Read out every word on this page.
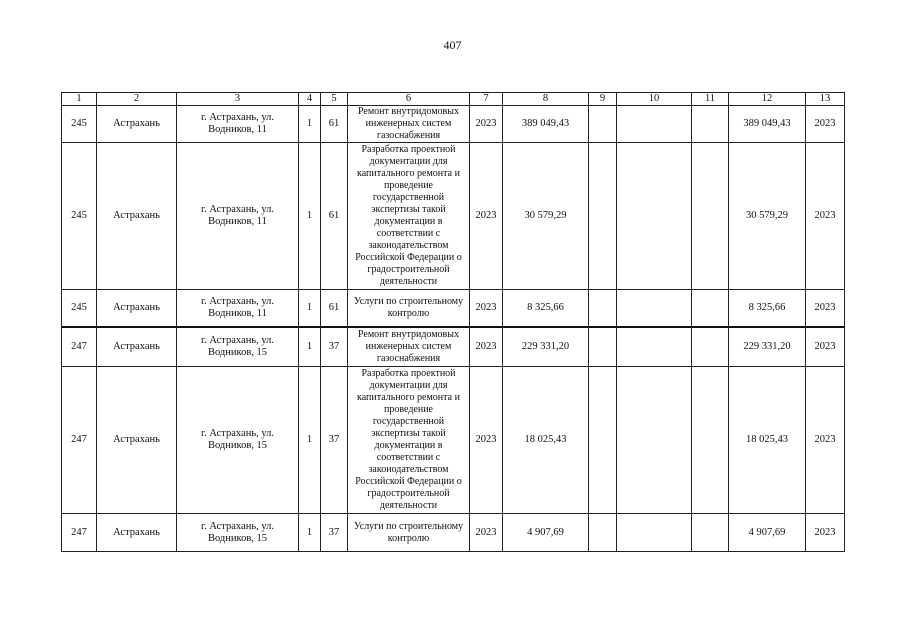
407
1	2	3	4	5	6	7	8	9	10	11	12	13
245	Астрахань	г. Астрахань, ул. Водников, 11	1	61	Ремонт внутридомовых инженерных систем газоснабжения	2023	389 049,43				389 049,43	2023
245	Астрахань	г. Астрахань, ул. Водников, 11	1	61	Разработка проектной документации для капитального ремонта и проведение государственной экспертизы такой документации в соответствии с законодательством Российской Федерации о градостроительной деятельности	2023	30 579,29				30 579,29	2023
245	Астрахань	г. Астрахань, ул. Водников, 11	1	61	Услуги по строительному контролю	2023	8 325,66				8 325,66	2023
247	Астрахань	г. Астрахань, ул. Водников, 15	1	37	Ремонт внутридомовых инженерных систем газоснабжения	2023	229 331,20				229 331,20	2023
247	Астрахань	г. Астрахань, ул. Водников, 15	1	37	Разработка проектной документации для капитального ремонта и проведение государственной экспертизы такой документации в соответствии с законодательством Российской Федерации о градостроительной деятельности	2023	18 025,43				18 025,43	2023
247	Астрахань	г. Астрахань, ул. Водников, 15	1	37	Услуги по строительному контролю	2023	4 907,69				4 907,69	2023
